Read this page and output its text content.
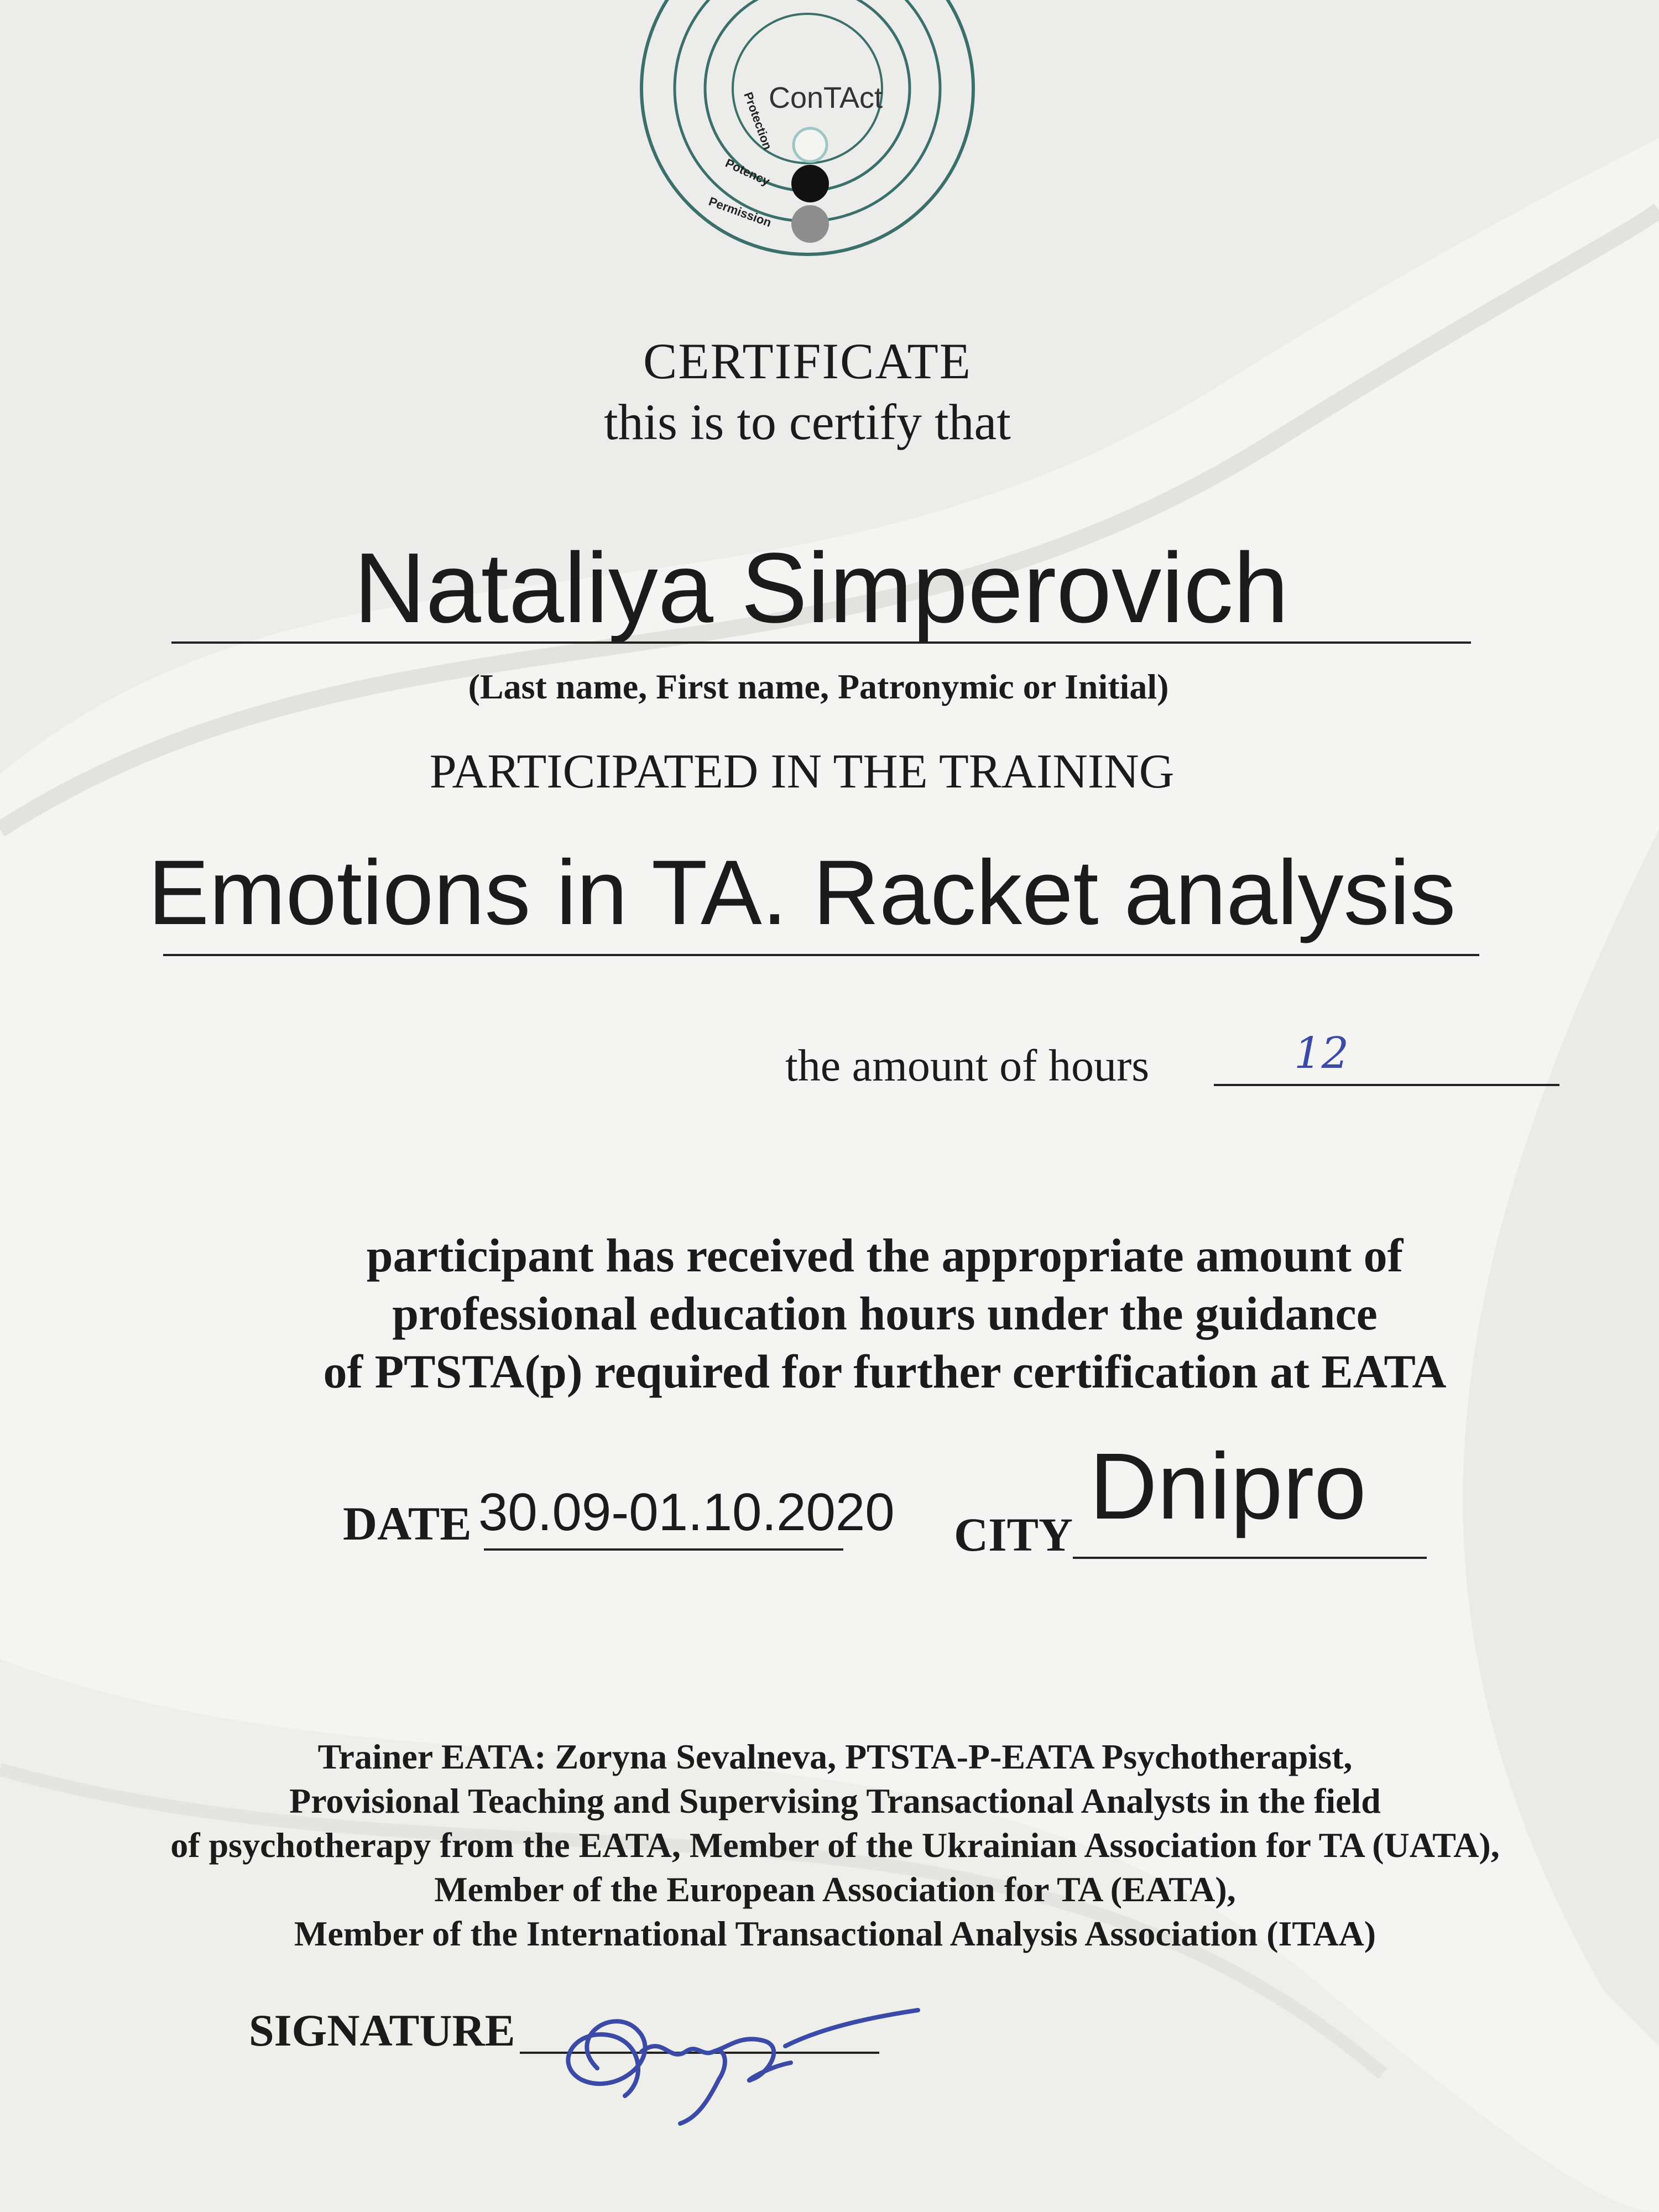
ConTAct
Protection
Potency
Permission
CERTIFICATE
this is to certify that
Nataliya Simperovich
(Last name, First name, Patronymic or Initial)
PARTICIPATED IN THE TRAINING
Emotions in TA. Racket analysis
the amount of hours	12
participant has received the appropriate amount of
professional education hours under the guidance
of PTSTA(p) required for further certification at EATA
DATE 30.09-01.10.2020 CITY Dnipro
Trainer EATA: Zoryna Sevalneva, PTSTA-P-EATA Psychotherapist,
Provisional Teaching and Supervising Transactional Analysts in the field
of psychotherapy from the EATA, Member of the Ukrainian Association for TA (UATA),
Member of the European Association for TA (EATA),
Member of the International Transactional Analysis Association (ITAA)
SIGNATURE
